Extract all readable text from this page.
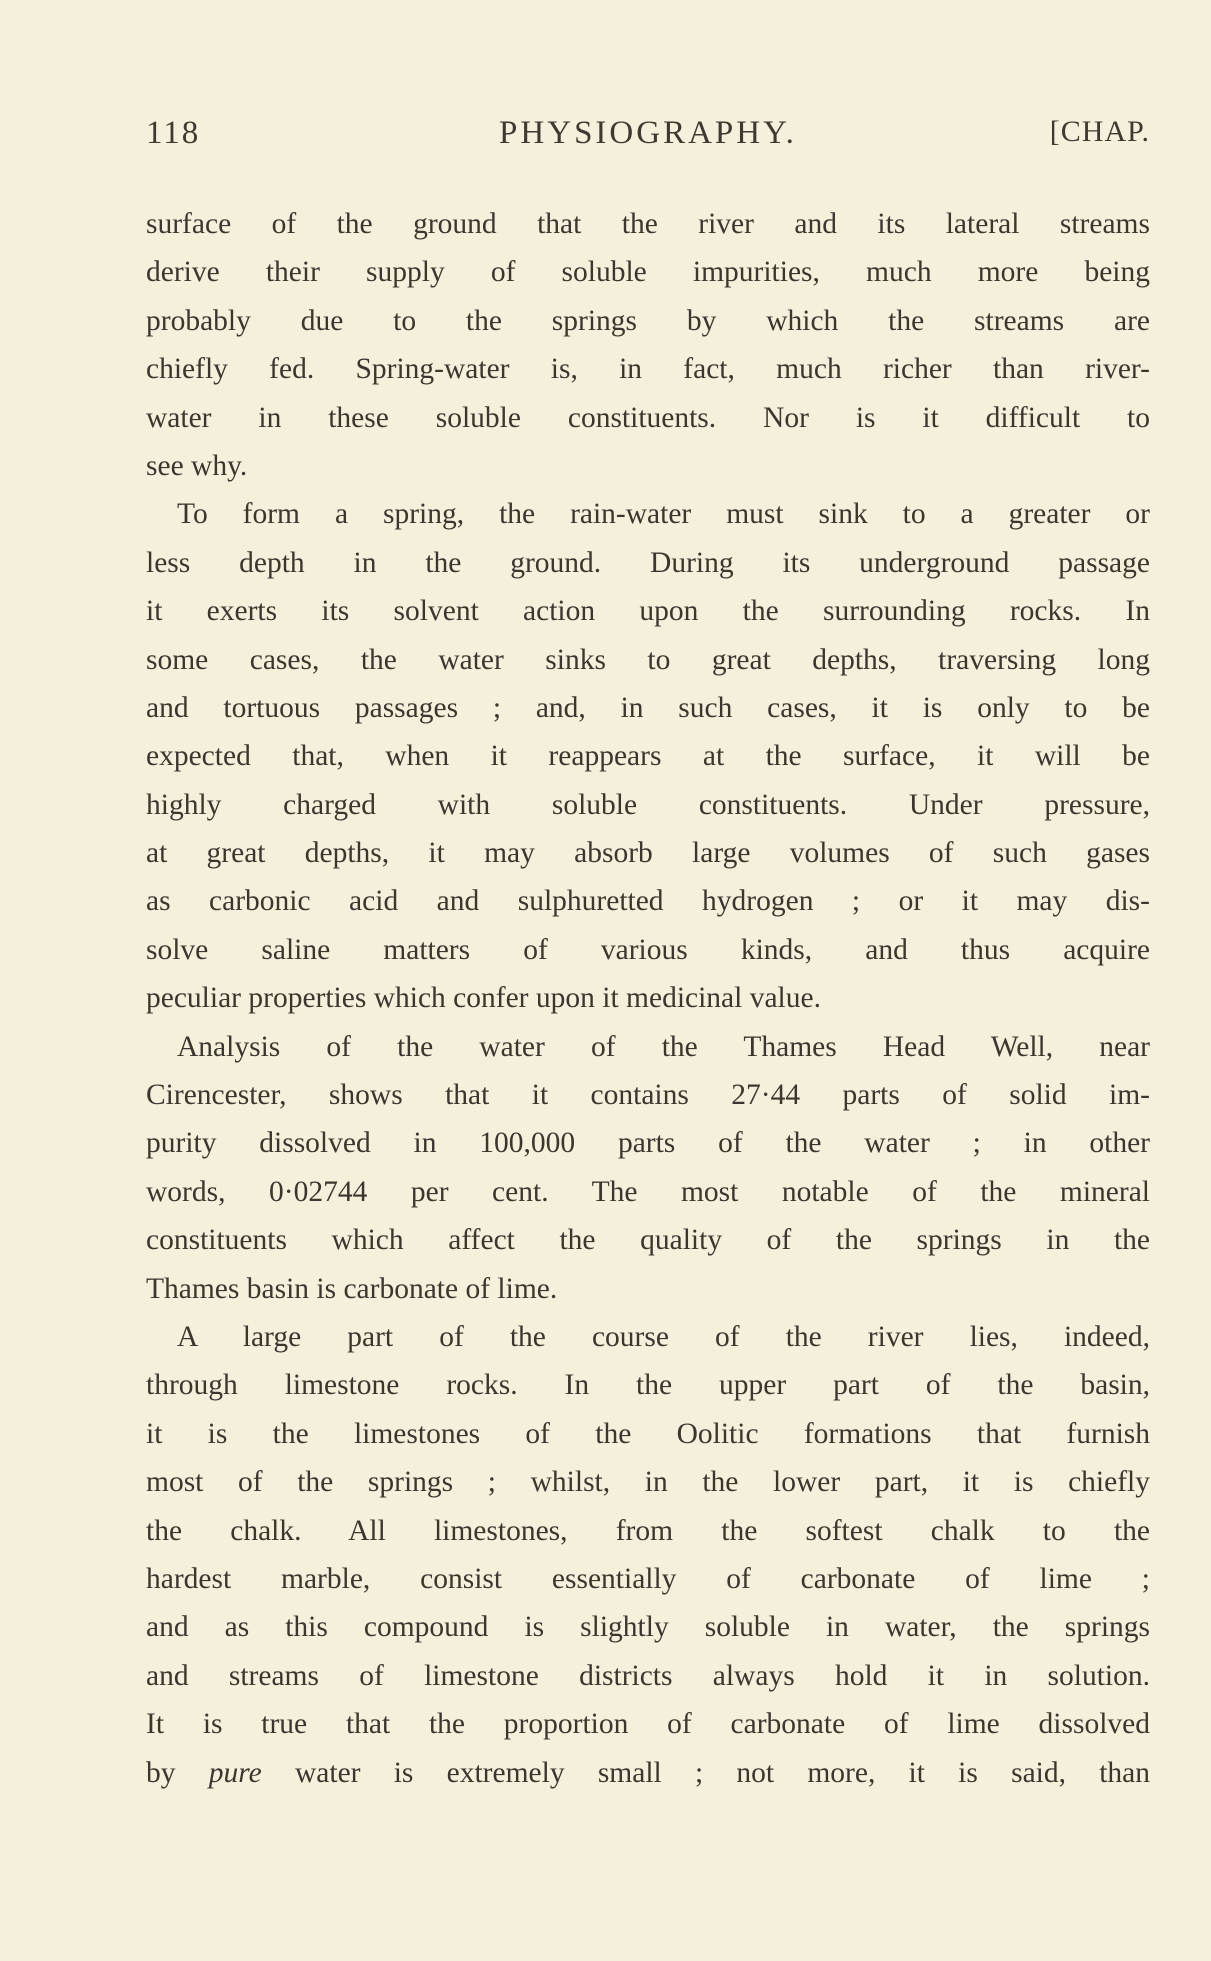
118	PHYSIOGRAPHY.	[CHAP.
surface of the ground that the river and its lateral streams
derive their supply of soluble impurities, much more being
probably due to the springs by which the streams are
chiefly fed. Spring-water is, in fact, much richer than river-
water in these soluble constituents. Nor is it difficult to
see why.
To form a spring, the rain-water must sink to a greater or
less depth in the ground. During its underground passage
it exerts its solvent action upon the surrounding rocks. In
some cases, the water sinks to great depths, traversing long
and tortuous passages ; and, in such cases, it is only to be
expected that, when it reappears at the surface, it will be
highly charged with soluble constituents. Under pressure,
at great depths, it may absorb large volumes of such gases
as carbonic acid and sulphuretted hydrogen ; or it may dis-
solve saline matters of various kinds, and thus acquire
peculiar properties which confer upon it medicinal value.
Analysis of the water of the Thames Head Well, near
Cirencester, shows that it contains 27·44 parts of solid im-
purity dissolved in 100,000 parts of the water ; in other
words, 0·02744 per cent. The most notable of the mineral
constituents which affect the quality of the springs in the
Thames basin is carbonate of lime.
A large part of the course of the river lies, indeed,
through limestone rocks. In the upper part of the basin,
it is the limestones of the Oolitic formations that furnish
most of the springs ; whilst, in the lower part, it is chiefly
the chalk. All limestones, from the softest chalk to the
hardest marble, consist essentially of carbonate of lime ;
and as this compound is slightly soluble in water, the springs
and streams of limestone districts always hold it in solution.
It is true that the proportion of carbonate of lime dissolved
by pure water is extremely small ; not more, it is said, than
